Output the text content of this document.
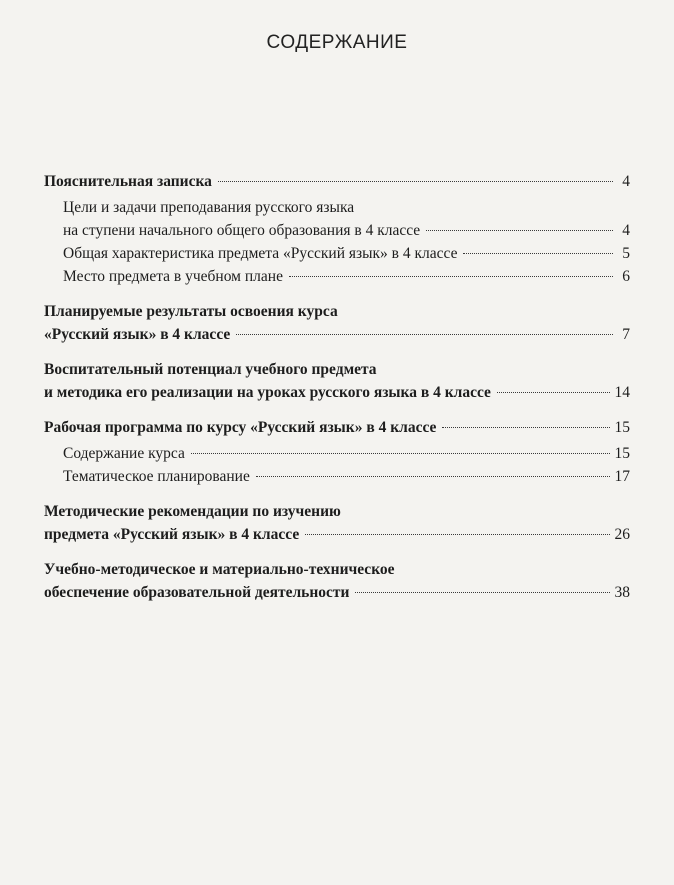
СОДЕРЖАНИЕ
Пояснительная записка	4
Цели и задачи преподавания русского языка
на ступени начального общего образования в 4 классе	4
Общая характеристика предмета «Русский язык» в 4 классе	5
Место предмета в учебном плане	6
Планируемые результаты освоения курса
«Русский язык» в 4 классе	7
Воспитательный потенциал учебного предмета
и методика его реализации на уроках русского языка в 4 классе	14
Рабочая программа по курсу «Русский язык» в 4 классе	15
Содержание курса	15
Тематическое планирование	17
Методические рекомендации по изучению
предмета «Русский язык» в 4 классе	26
Учебно-методическое и материально-техническое
обеспечение образовательной деятельности	38
